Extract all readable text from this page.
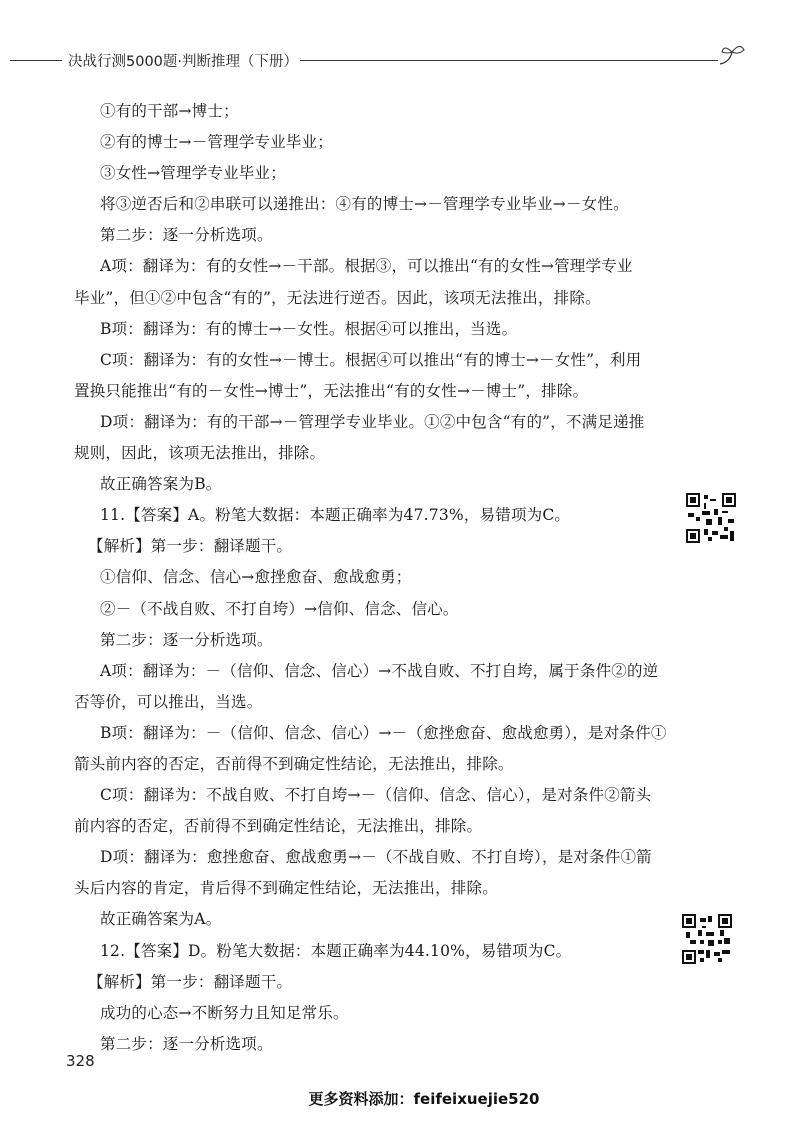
决战行测5000题·判断推理（下册）

①有的干部→博士；

②有的博士→－管理学专业毕业；

③女性→管理学专业毕业；

将③逆否后和②串联可以递推出：④有的博士→－管理学专业毕业→－女性。

第二步：逐一分析选项。

A项：翻译为：有的女性→－干部。根据③，可以推出“有的女性→管理学专业

毕业”，但①②中包含“有的”，无法进行逆否。因此，该项无法推出，排除。

B项：翻译为：有的博士→－女性。根据④可以推出，当选。

C项：翻译为：有的女性→－博士。根据④可以推出“有的博士→－女性”，利用

置换只能推出“有的－女性→博士”，无法推出“有的女性→－博士”，排除。

D项：翻译为：有的干部→－管理学专业毕业。①②中包含“有的”，不满足递推

规则，因此，该项无法推出，排除。

故正确答案为B。

11.【答案】A。粉笔大数据：本题正确率为47.73%，易错项为C。

【解析】第一步：翻译题干。

①信仰、信念、信心→愈挫愈奋、愈战愈勇；

②－（不战自败、不打自垮）→信仰、信念、信心。

第二步：逐一分析选项。

A项：翻译为：－（信仰、信念、信心）→不战自败、不打自垮，属于条件②的逆

否等价，可以推出，当选。

B项：翻译为：－（信仰、信念、信心）→－（愈挫愈奋、愈战愈勇），是对条件①

箭头前内容的否定，否前得不到确定性结论，无法推出，排除。

C项：翻译为：不战自败、不打自垮→－（信仰、信念、信心），是对条件②箭头

前内容的否定，否前得不到确定性结论，无法推出，排除。

D项：翻译为：愈挫愈奋、愈战愈勇→－（不战自败、不打自垮），是对条件①箭

头后内容的肯定，肯后得不到确定性结论，无法推出，排除。

故正确答案为A。

12.【答案】D。粉笔大数据：本题正确率为44.10%，易错项为C。

【解析】第一步：翻译题干。

成功的心态→不断努力且知足常乐。

第二步：逐一分析选项。

328
更多资料添加：feifeixuejie520
